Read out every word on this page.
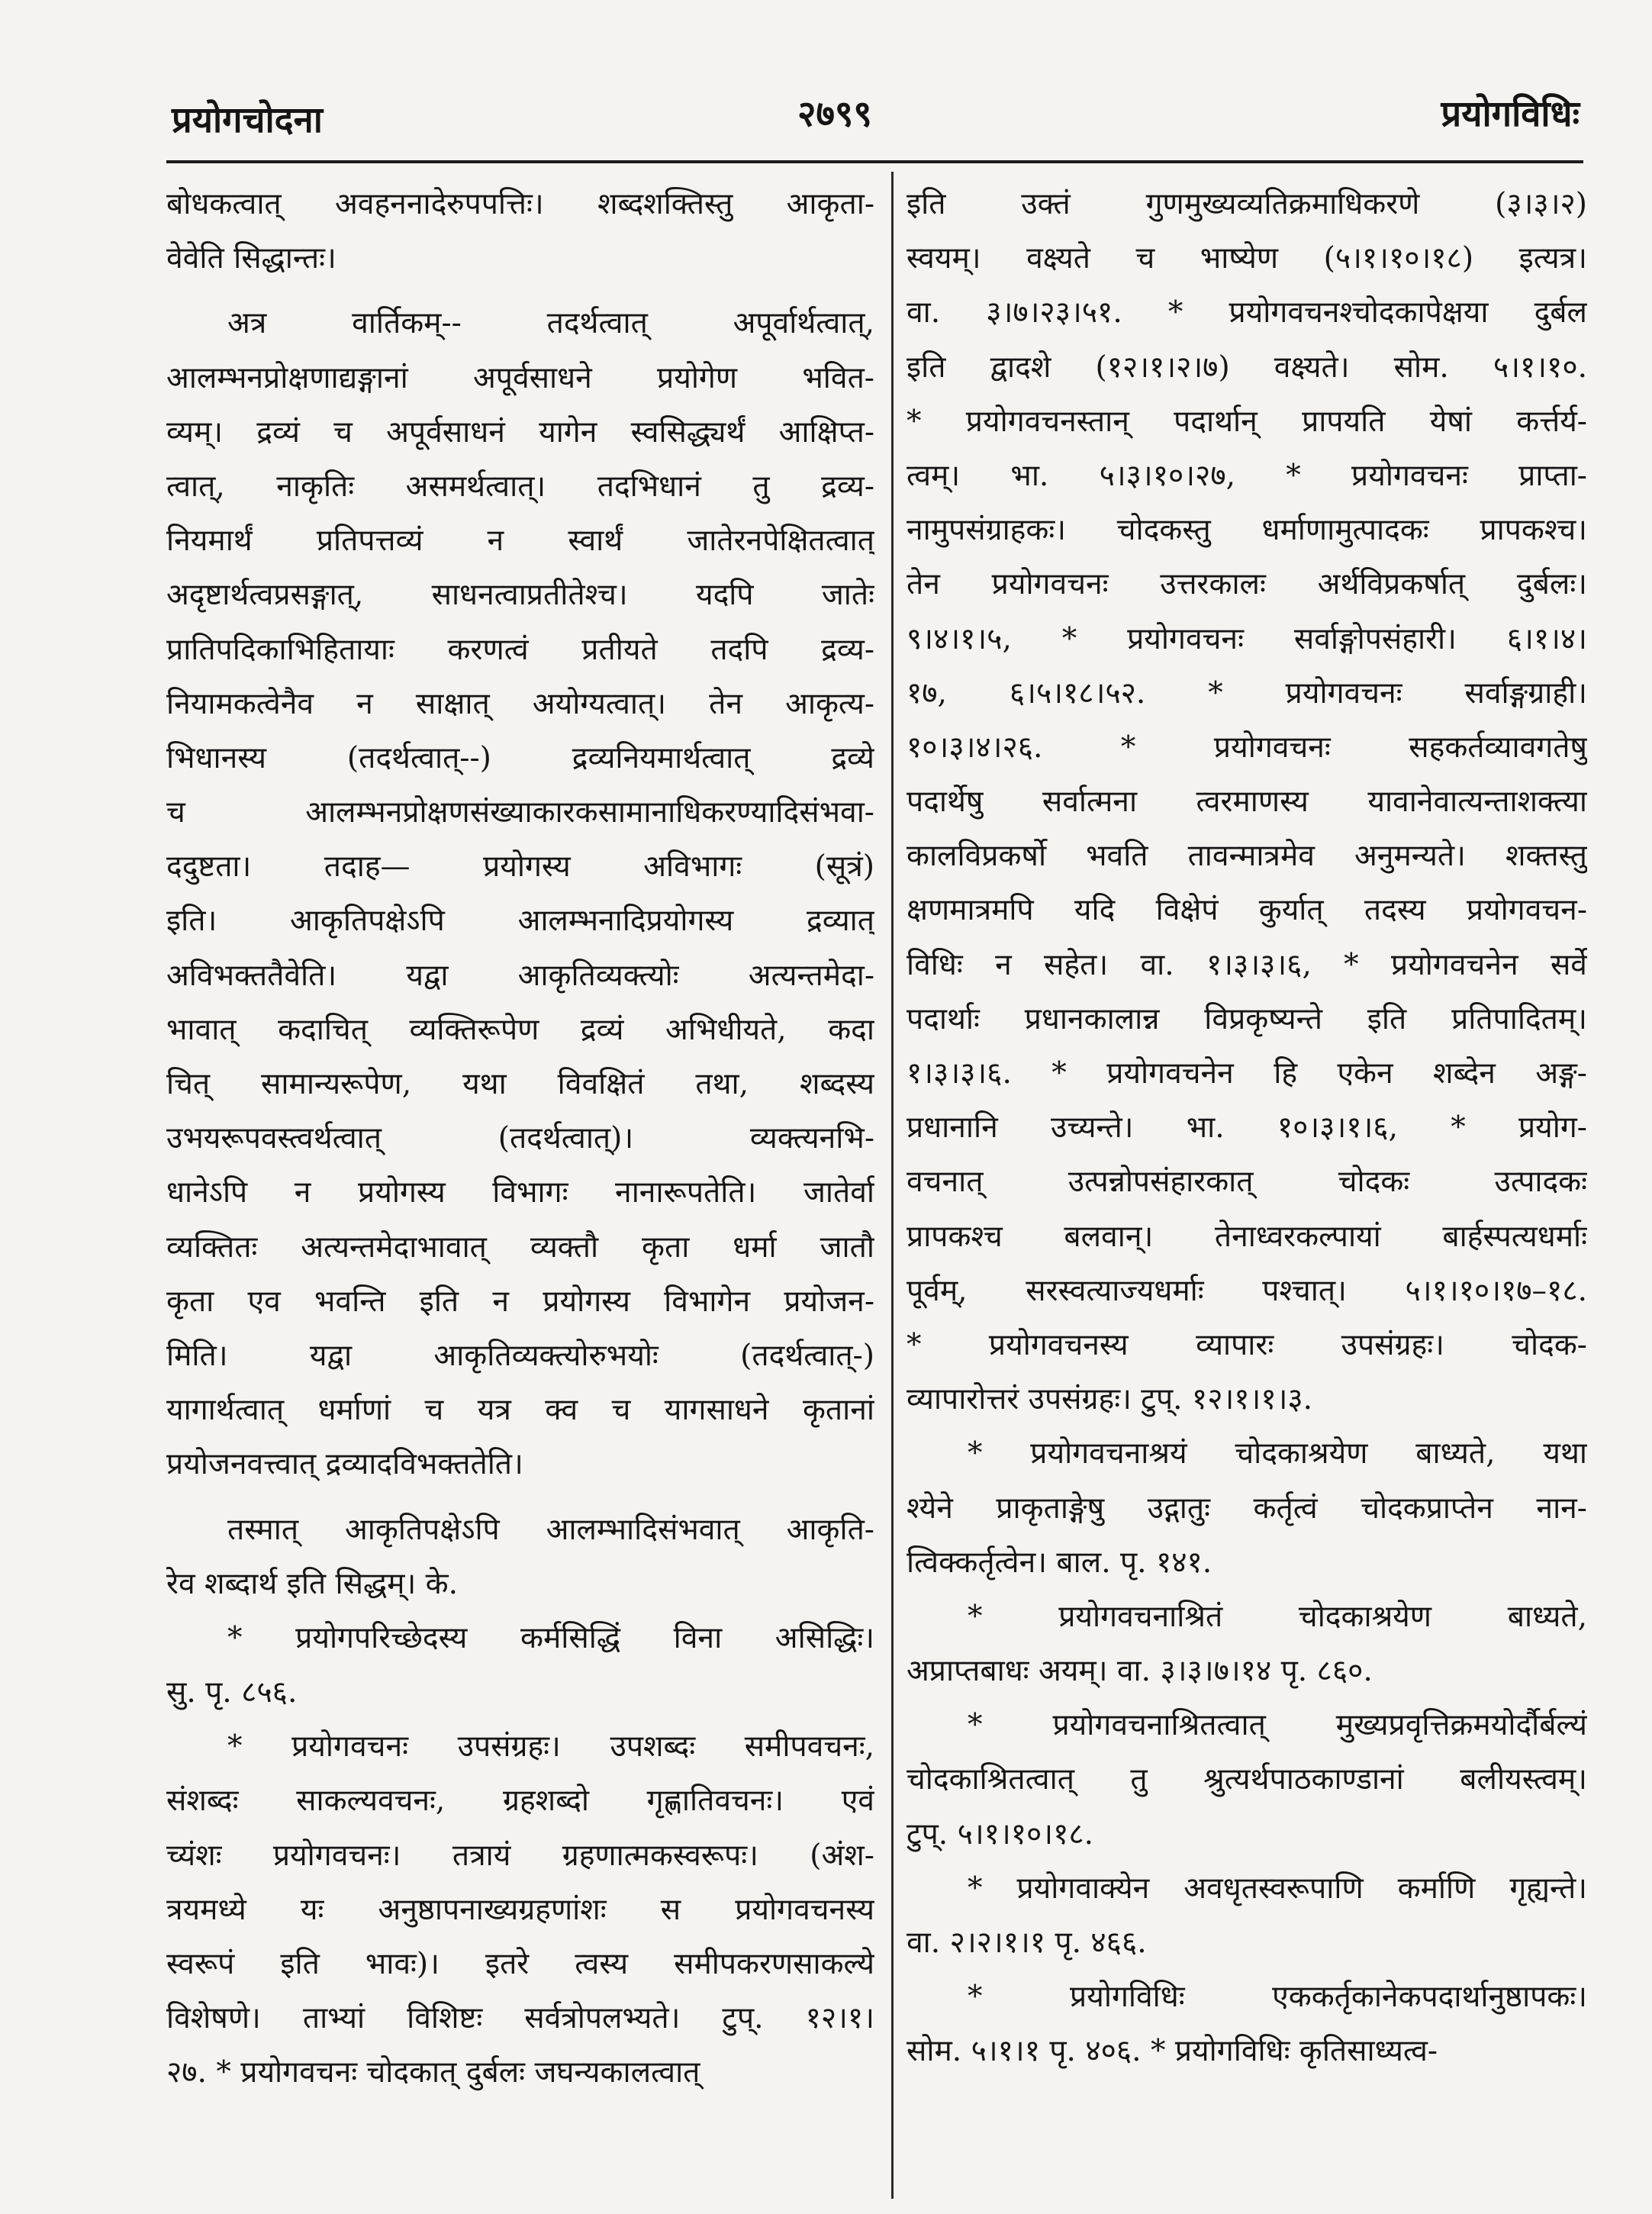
प्रयोगचोदना	२७९९	प्रयोगविधिः
बोधकत्वात् अवहननादेरुपपत्तिः। शब्दशक्तिस्तु आकृता-
वेवेति सिद्धान्तः।
अत्र वार्तिकम्-- तदर्थत्वात् अपूर्वार्थत्वात्,
आलम्भनप्रोक्षणाद्यङ्गानां अपूर्वसाधने प्रयोगेण भवित-
व्यम्। द्रव्यं च अपूर्वसाधनं यागेन स्वसिद्ध्यर्थं आक्षिप्त-
त्वात्, नाकृतिः असमर्थत्वात्। तदभिधानं तु द्रव्य-
नियमार्थं प्रतिपत्तव्यं न स्वार्थं जातेरनपेक्षितत्वात्
अदृष्टार्थत्वप्रसङ्गात्, साधनत्वाप्रतीतेश्च। यदपि जातेः
प्रातिपदिकाभिहितायाः करणत्वं प्रतीयते तदपि द्रव्य-
नियामकत्वेनैव न साक्षात् अयोग्यत्वात्। तेन आकृत्य-
भिधानस्य (तदर्थत्वात्--) द्रव्यनियमार्थत्वात् द्रव्ये
च आलम्भनप्रोक्षणसंख्याकारकसामानाधिकरण्यादिसंभवा-
ददुष्टता। तदाह— प्रयोगस्य अविभागः (सूत्रं)
इति। आकृतिपक्षेऽपि आलम्भनादिप्रयोगस्य द्रव्यात्
अविभक्ततैवेति। यद्वा आकृतिव्यक्त्योः अत्यन्तमेदा-
भावात् कदाचित् व्यक्तिरूपेण द्रव्यं अभिधीयते, कदा
चित् सामान्यरूपेण, यथा विवक्षितं तथा, शब्दस्य
उभयरूपवस्त्वर्थत्वात् (तदर्थत्वात्)। व्यक्त्यनभि-
धानेऽपि न प्रयोगस्य विभागः नानारूपतेति। जातेर्वा
व्यक्तितः अत्यन्तमेदाभावात् व्यक्तौ कृता धर्मा जातौ
कृता एव भवन्ति इति न प्रयोगस्य विभागेन प्रयोजन-
मिति। यद्वा आकृतिव्यक्त्योरुभयोः (तदर्थत्वात्-)
यागार्थत्वात् धर्माणां च यत्र क्व च यागसाधने कृतानां
प्रयोजनवत्त्वात् द्रव्यादविभक्ततेति।
तस्मात् आकृतिपक्षेऽपि आलम्भादिसंभवात् आकृति-
रेव शब्दार्थ इति सिद्धम्। के.
* प्रयोगपरिच्छेदस्य कर्मसिद्धिं विना असिद्धिः।
सु. पृ. ८५६.
* प्रयोगवचनः उपसंग्रहः। उपशब्दः समीपवचनः,
संशब्दः साकल्यवचनः, ग्रहशब्दो गृह्णातिवचनः। एवं
च्यंशः प्रयोगवचनः। तत्रायं ग्रहणात्मकस्वरूपः। (अंश-
त्रयमध्ये यः अनुष्ठापनाख्यग्रहणांशः स प्रयोगवचनस्य
स्वरूपं इति भावः)। इतरे त्वस्य समीपकरणसाकल्ये
विशेषणे। ताभ्यां विशिष्टः सर्वत्रोपलभ्यते। टुप्. १२।१।
२७. * प्रयोगवचनः चोदकात् दुर्बलः जघन्यकालत्वात्
इति उक्तं गुणमुख्यव्यतिक्रमाधिकरणे (३।३।२)
स्वयम्। वक्ष्यते च भाष्येण (५।१।१०।१८) इत्यत्र।
वा. ३।७।२३।५१. * प्रयोगवचनश्चोदकापेक्षया दुर्बल
इति द्वादशे (१२।१।२।७) वक्ष्यते। सोम. ५।१।१०.
* प्रयोगवचनस्तान् पदार्थान् प्रापयति येषां कर्त्तर्य-
त्वम्। भा. ५।३।१०।२७, * प्रयोगवचनः प्राप्ता-
नामुपसंग्राहकः। चोदकस्तु धर्माणामुत्पादकः प्रापकश्च।
तेन प्रयोगवचनः उत्तरकालः अर्थविप्रकर्षात् दुर्बलः।
९।४।१।५, * प्रयोगवचनः सर्वाङ्गोपसंहारी। ६।१।४।
१७, ६।५।१८।५२. * प्रयोगवचनः सर्वाङ्गग्राही।
१०।३।४।२६. * प्रयोगवचनः सहकर्तव्यावगतेषु
पदार्थेषु सर्वात्मना त्वरमाणस्य यावानेवात्यन्ताशक्त्या
कालविप्रकर्षो भवति तावन्मात्रमेव अनुमन्यते। शक्तस्तु
क्षणमात्रमपि यदि विक्षेपं कुर्यात् तदस्य प्रयोगवचन-
विधिः न सहेत। वा. १।३।३।६, * प्रयोगवचनेन सर्वे
पदार्थाः प्रधानकालान्न विप्रकृष्यन्ते इति प्रतिपादितम्।
१।३।३।६. * प्रयोगवचनेन हि एकेन शब्देन अङ्ग-
प्रधानानि उच्यन्ते। भा. १०।३।१।६, * प्रयोग-
वचनात् उत्पन्नोपसंहारकात् चोदकः उत्पादकः
प्रापकश्च बलवान्। तेनाध्वरकल्पायां बार्हस्पत्यधर्माः
पूर्वम्, सरस्वत्याज्यधर्माः पश्चात्। ५।१।१०।१७–१८.
* प्रयोगवचनस्य व्यापारः उपसंग्रहः। चोदक-
व्यापारोत्तरं उपसंग्रहः। टुप्. १२।१।१।३.
* प्रयोगवचनाश्रयं चोदकाश्रयेण बाध्यते, यथा
श्येने प्राकृताङ्गेषु उद्गातुः कर्तृत्वं चोदकप्राप्तेन नान-
त्विक्कर्तृत्वेन। बाल. पृ. १४१.
* प्रयोगवचनाश्रितं चोदकाश्रयेण बाध्यते,
अप्राप्तबाधः अयम्। वा. ३।३।७।१४ पृ. ८६०.
* प्रयोगवचनाश्रितत्वात् मुख्यप्रवृत्तिक्रमयोर्दौर्बल्यं
चोदकाश्रितत्वात् तु श्रुत्यर्थपाठकाण्डानां बलीयस्त्वम्।
टुप्. ५।१।१०।१८.
* प्रयोगवाक्येन अवधृतस्वरूपाणि कर्माणि गृह्यन्ते।
वा. २।२।१।१ पृ. ४६६.
* प्रयोगविधिः एककर्तृकानेकपदार्थानुष्ठापकः।
सोम. ५।१।१ पृ. ४०६. * प्रयोगविधिः कृतिसाध्यत्व-
